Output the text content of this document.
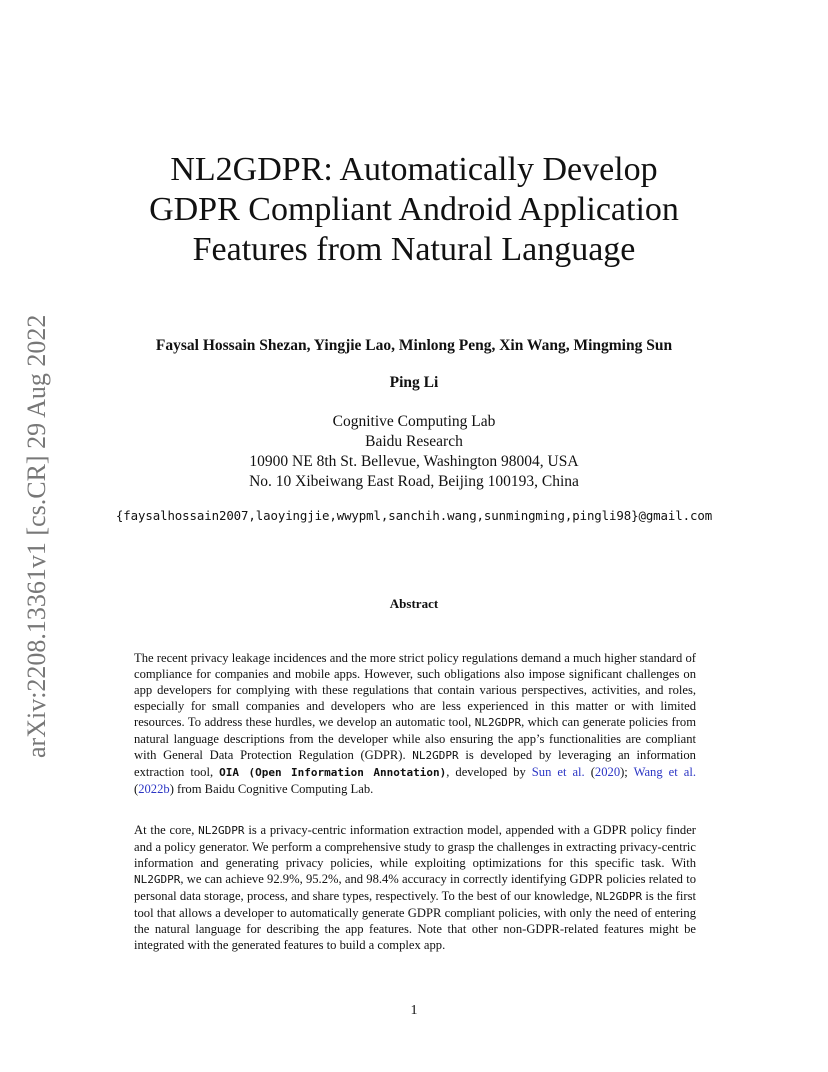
arXiv:2208.13361v1 [cs.CR] 29 Aug 2022
NL2GDPR: Automatically Develop
GDPR Compliant Android Application
Features from Natural Language
Faysal Hossain Shezan, Yingjie Lao, Minlong Peng, Xin Wang, Mingming Sun
Ping Li
Cognitive Computing Lab
Baidu Research
10900 NE 8th St. Bellevue, Washington 98004, USA
No. 10 Xibeiwang East Road, Beijing 100193, China
{faysalhossain2007,laoyingjie,wwypml,sanchih.wang,sunmingming,pingli98}@gmail.com
Abstract

The recent privacy leakage incidences and the more strict policy regulations demand a much higher standard of compliance for companies and mobile apps. However, such obligations also impose significant challenges on app developers for complying with these regulations that contain various perspectives, activities, and roles, especially for small companies and developers who are less experienced in this matter or with limited resources. To address these hurdles, we develop an automatic tool, NL2GDPR, which can generate policies from natural language descriptions from the developer while also ensuring the app’s functionalities are compliant with General Data Protection Regulation (GDPR). NL2GDPR is developed by leveraging an information extraction tool, OIA (Open Information Annotation), developed by Sun et al. (2020); Wang et al. (2022b) from Baidu Cognitive Computing Lab.

At the core, NL2GDPR is a privacy-centric information extraction model, appended with a GDPR policy finder and a policy generator. We perform a comprehensive study to grasp the challenges in extracting privacy-centric information and generating privacy policies, while exploiting optimizations for this specific task. With NL2GDPR, we can achieve 92.9%, 95.2%, and 98.4% accuracy in correctly identifying GDPR policies related to personal data storage, process, and share types, respectively. To the best of our knowledge, NL2GDPR is the first tool that allows a developer to automatically generate GDPR compliant policies, with only the need of entering the natural language for describing the app features. Note that other non-GDPR-related features might be integrated with the generated features to build a complex app.

1
